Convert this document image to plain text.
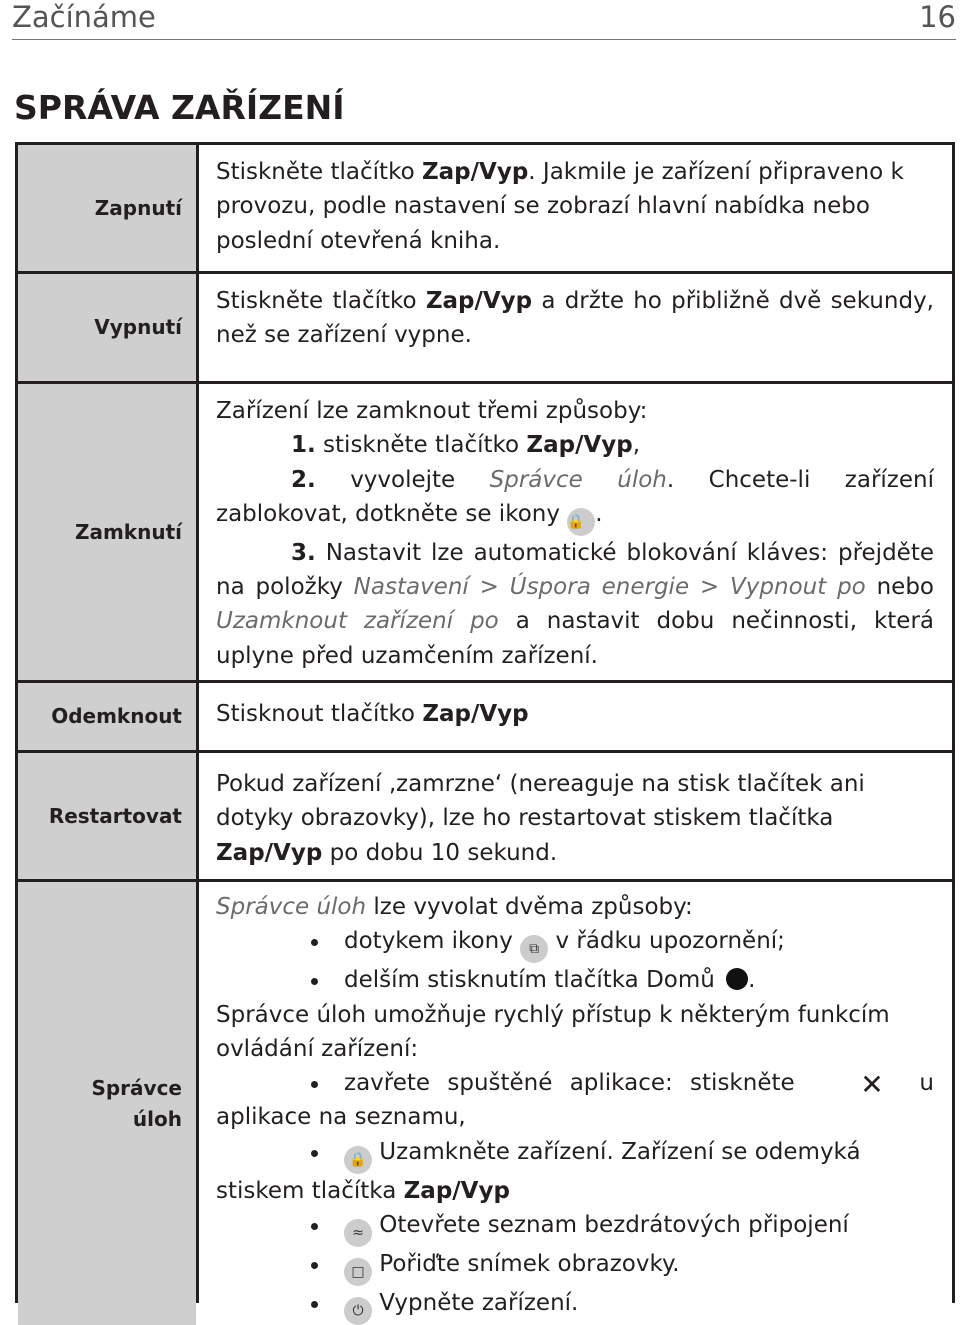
Začínáme	16
SPRÁVA ZAŘÍZENÍ
Zapnutí
Stiskněte tlačítko Zap/Vyp. Jakmile je zařízení připraveno k provozu, podle nastavení se zobrazí hlavní nabídka nebo poslední otevřená kniha.
Vypnutí
Stiskněte tlačítko Zap/Vyp a držte ho přibližně dvě sekundy, než se zařízení vypne.
Zamknutí
Zařízení lze zamknout třemi způsoby:
1. stiskněte tlačítko Zap/Vyp,
2. vyvolejte Správce úloh. Chcete-li zařízení zablokovat, dotkněte se ikony 🔒 .
3. Nastavit lze automatické blokování kláves: přejděte na položky Nastavení > Úspora energie > Vypnout po nebo Uzamknout zařízení po a nastavit dobu nečinnosti, která uplyne před uzamčením zařízení.
Odemknout	Stisknout tlačítko Zap/Vyp
Restartovat
Pokud zařízení ‚zamrzne‘ (nereaguje na stisk tlačítek ani dotyky obrazovky), lze ho restartovat stiskem tlačítka Zap/Vyp po dobu 10 sekund.
Správce úloh
Správce úloh lze vyvolat dvěma způsoby:
dotykem ikony ⧉ v řádku upozornění;
delším stisknutím tlačítka Domů .
Správce úloh umožňuje rychlý přístup k některým funkcím ovládání zařízení:
zavřete spuštěné aplikace: stiskněte ✕ u
aplikace na seznamu,
🔒 Uzamkněte zařízení. Zařízení se odemyká
stiskem tlačítka Zap/Vyp
≈ Otevřete seznam bezdrátových připojení
□ Pořiďte snímek obrazovky.
⏻ Vypněte zařízení.
